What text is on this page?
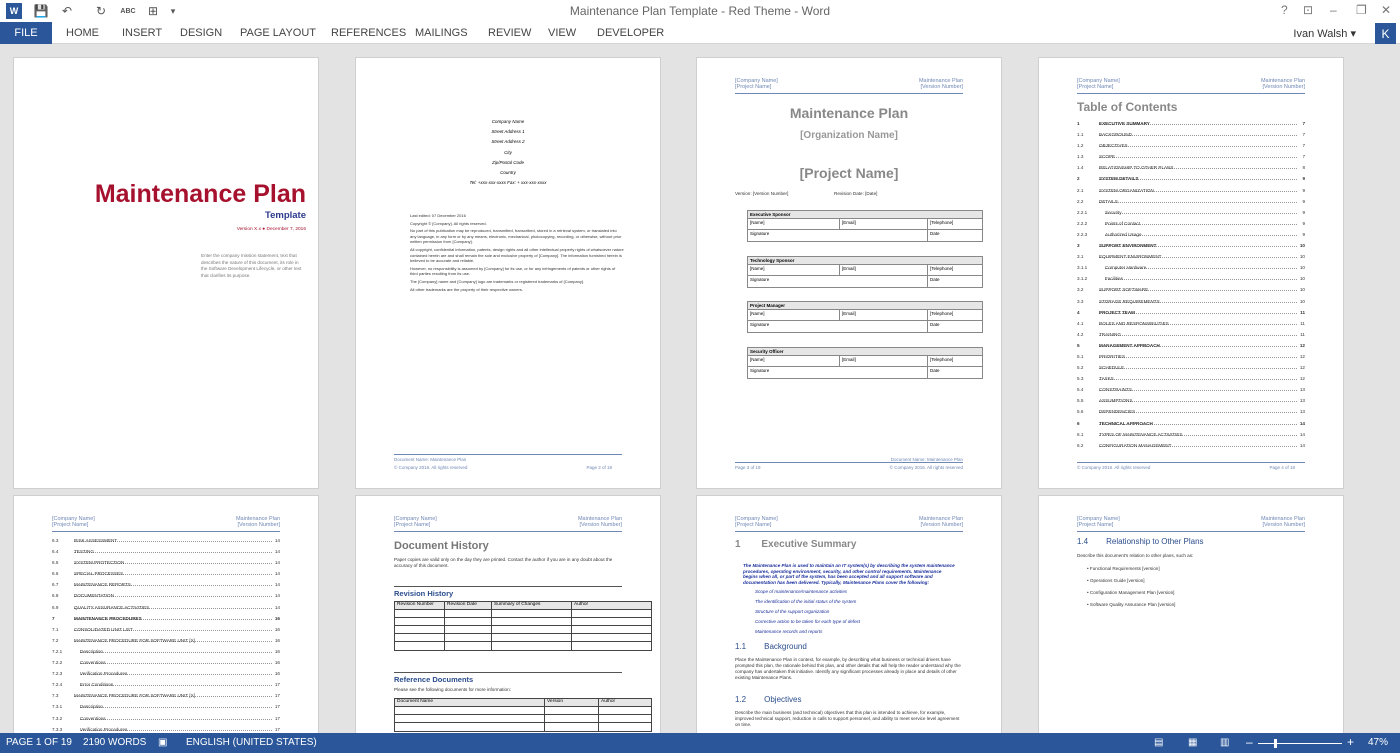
W	💾	↶	↻	ABC	⊞	▾	Maintenance Plan Template - Red Theme - Word	? ⊡ – ❐ ✕
FILE	HOME INSERT DESIGN PAGE LAYOUT REFERENCES MAILINGS REVIEW VIEW DEVELOPER	Ivan Walsh ▾	K
Maintenance Plan
Template
Version X.x ● December 7, 2016
Enter the company mission statement, text that describes the nature of this document, its role in the Software Development Lifecycle, or other text that clarifies its purpose.
Company Name
Street Address 1
Street Address 2
City
Zip/Postal Code
Country
Tel: +xxx-xxx-xxxx Fax: + xxx-xxx-xxxx
Last edited: 07 December 2016
Copyright © [Company]. All rights reserved.
No part of this publication may be reproduced, transmitted, transcribed, stored in a retrieval system, or translated into any language, in any form or by any means, electronic, mechanical, photocopying, recording, or otherwise, without prior written permission from [Company].
All copyright, confidential information, patents, design rights and all other intellectual property rights of whatsoever nature contained herein are and shall remain the sole and exclusive property of [Company]. The information furnished herein is believed to be accurate and reliable.
However, no responsibility is assumed by [Company] for its use, or for any infringements of patents or other rights of third parties resulting from its use.
The [Company] name and [Company] logo are trademarks or registered trademarks of [Company].
All other trademarks are the property of their respective owners.
Document Name: Maintenance Plan
© Company 2016. All rights reserved	Page 2 of 19
[Company Name]
[Project Name]
Maintenance Plan
[Version Number]
Maintenance Plan
[Organization Name]
[Project Name]
Version: [Version Number]	Revision Date: [Date]
Executive Sponsor
[Name]	[Email]	[Telephone]
Signature	Date
Technology Sponsor
[Name]	[Email]	[Telephone]
Signature	Date
Project Manager
[Name]	[Email]	[Telephone]
Signature	Date
Security Officer
[Name]	[Email]	[Telephone]
Signature	Date
Page 3 of 19
Document Name: Maintenance Plan
© Company 2016. All rights reserved
[Company Name]
[Project Name]
Maintenance Plan
[Version Number]
Table of Contents
1	EXECUTIVE SUMMARY	7
1.1	BACKGROUND	7
1.2	OBJECTIVES	7
1.3	SCOPE	7
1.4	RELATIONSHIP TO OTHER PLANS	8
2	SYSTEM DETAILS	9
2.1	SYSTEM ORGANIZATION	9
2.2	DETAILS	9
2.2.1	Security	9
2.2.2	Points of Contact	9
2.2.3	Authorized Usage	9
3	SUPPORT ENVIRONMENT	10
3.1	EQUIPMENT ENVIRONMENT	10
3.1.1	Computer Hardware	10
3.1.2	Facilities	10
3.2	SUPPORT SOFTWARE	10
3.3	STORAGE REQUIREMENTS	10
4	PROJECT TEAM	11
4.1	ROLES AND RESPONSIBILITIES	11
4.2	TRAINING	11
5	MANAGEMENT APPROACH	12
5.1	PRIORITIES	12
5.2	SCHEDULE	12
5.3	TASKS	12
5.4	CONSTRAINTS	13
5.5	ASSUMPTIONS	13
5.6	DEPENDENCIES	13
6	TECHNICAL APPROACH	14
6.1	TYPES OF MAINTENANCE ACTIVITIES	14
6.2	CONFIGURATION MANAGEMENT	14
© Company 2016. All rights reserved	Page 4 of 19
[Company Name]
[Project Name]
Maintenance Plan
[Version Number]
6.3	RISK ASSESSMENT	14
6.4	TESTING	14
6.5	SYSTEM PROTECTION	14
6.6	SPECIAL PROCESSES	14
6.7	MAINTENANCE REPORTS	14
6.8	DOCUMENTATION	14
6.9	QUALITY ASSURANCE ACTIVITIES	14
7	MAINTENANCE PROCEDURES	16
7.1	CONSOLIDATED UNIT LIST	16
7.2	MAINTENANCE PROCEDURE FOR SOFTWARE UNIT [X]	16
7.2.1	Description	16
7.2.2	Conventions	16
7.2.3	Verification Procedures	16
7.2.4	Error Conditions	17
7.3	MAINTENANCE PROCEDURE FOR SOFTWARE UNIT [X]	17
7.3.1	Description	17
7.3.2	Conventions	17
7.3.3	Verification Procedures	17
[Company Name]
[Project Name]
Maintenance Plan
[Version Number]
Document History
Paper copies are valid only on the day they are printed. Contact the author if you are in any doubt about the accuracy of this document.
Revision History
Revision Number	Revision Date	Summary of Changes	Author
Reference Documents
Please see the following documents for more information:
Document Name	Version	Author
[Company Name]
[Project Name]
Maintenance Plan
[Version Number]
1 Executive Summary
The Maintenance Plan is used to maintain an IT system(s) by describing the system maintenance procedures, operating environment, security, and other control requirements. Maintenance begins when all, or part of the system, has been accepted and all support software and documentation has been delivered. Typically, Maintenance Plans cover the following:
Scope of maintenance/maintenance activities
The identification of the initial status of the system
Structure of the support organization
Corrective action to be taken for each type of defect
Maintenance records and reports
1.1 Background
Place the Maintenance Plan in context, for example, by describing what business or technical drivers have prompted this plan, the rationale behind this plan, and other details that will help the reader understand why the company has undertaken this initiative. Identify any significant processes already in place and details of other existing Maintenance Plans.
1.2 Objectives
Describe the main business (and technical) objectives that this plan is intended to achieve, for example, improved technical support, reduction in calls to support personnel, and ability to meet service level agreement on time.
[Company Name]
[Project Name]
Maintenance Plan
[Version Number]
1.4 Relationship to Other Plans
Describe this document's relation to other plans, such as:
• Functional Requirements [version]
• Operations Guide [version]
• Configuration Management Plan [version]
• Software Quality Assurance Plan [version]
PAGE 1 OF 19 2190 WORDS ▣ ENGLISH (UNITED STATES)	▤ ▦ ▥ –	+ 47%
